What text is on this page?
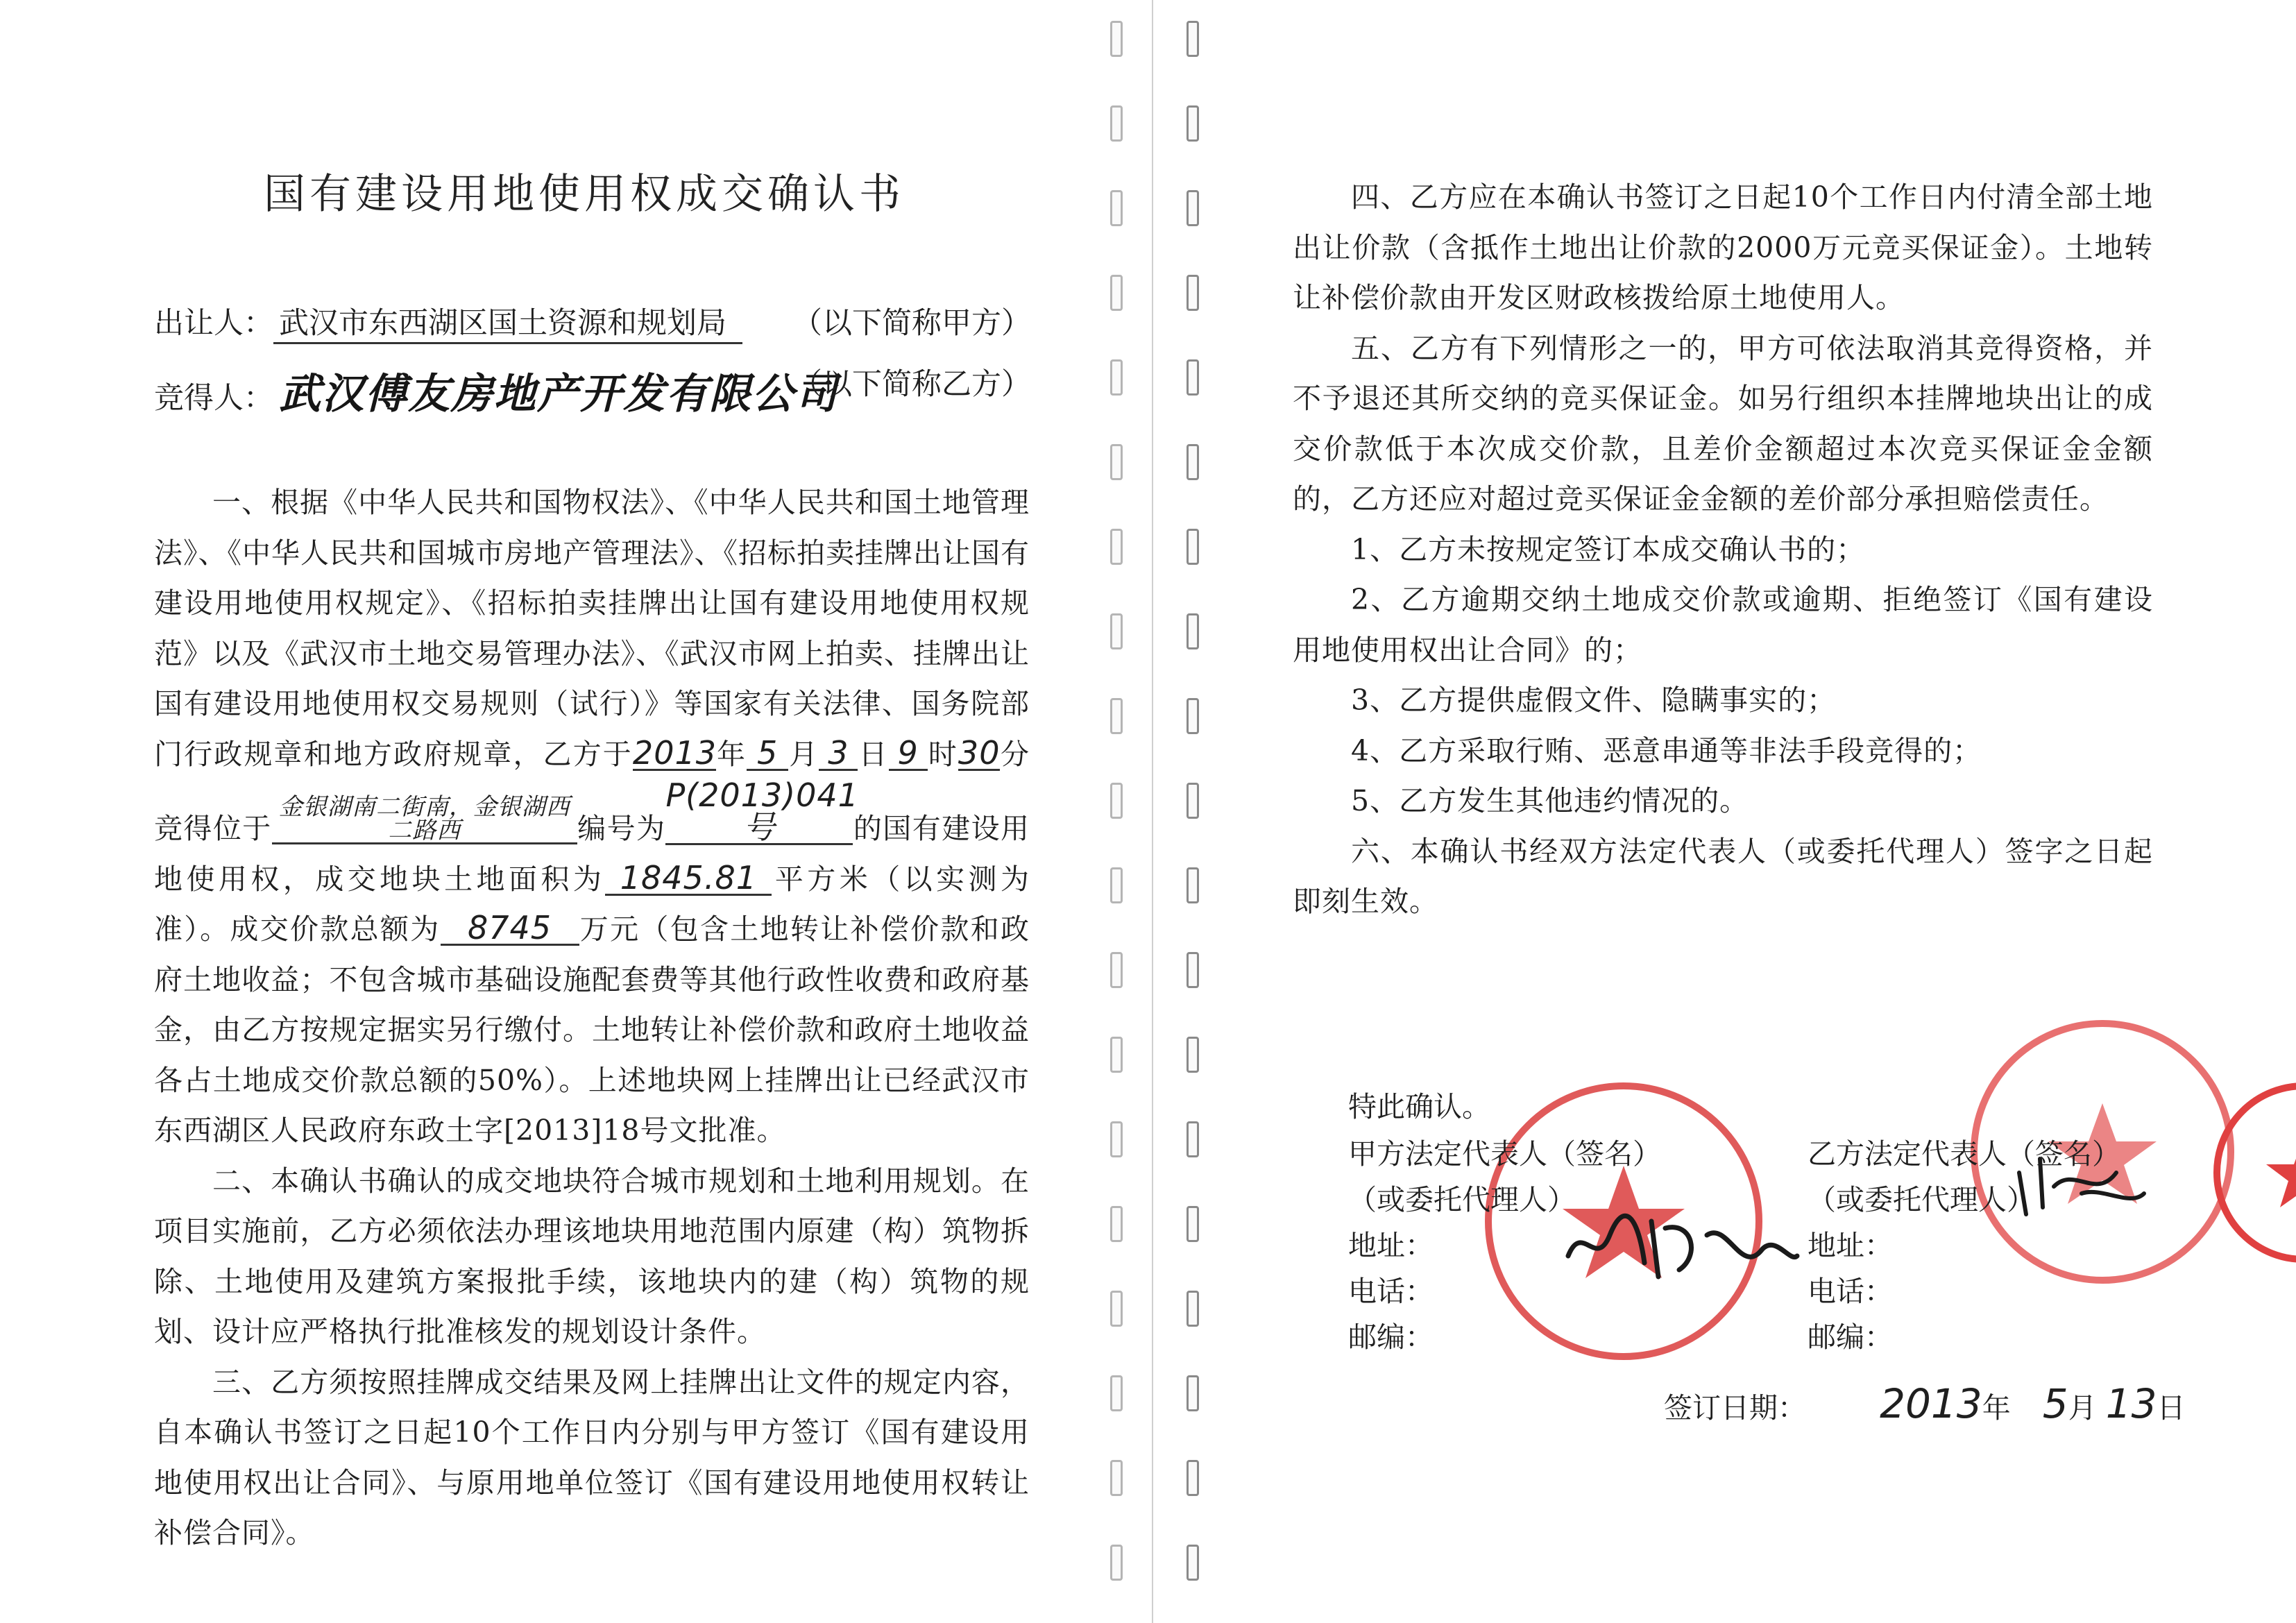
国有建设用地使用权成交确认书
出让人： 武汉市东西湖区国土资源和规划局 （以下简称甲方）
竞得人： 武汉傅友房地产开发有限公司
（以下简称乙方）

一、根据《中华人民共和国物权法》、《中华人民共和国土地管理法》、《中华人民共和国城市房地产管理法》、《招标拍卖挂牌出让国有建设用地使用权规定》、《招标拍卖挂牌出让国有建设用地使用权规范》以及《武汉市土地交易管理办法》、《武汉市网上拍卖、挂牌出让国有建设用地使用权交易规则（试行）》等国家有关法律、国务院部门行政规章和地方政府规章，乙方于2013年 5 月 3 日 9 时30分竞得位于金银湖南二街南，金银湖西二路西	编号为P(2013)041号	的国有建设用地使用权，成交地块土地面积为 1845.81 平方米（以实测为准）。成交价款总额为 8745 万元（包含土地转让补偿价款和政府土地收益；不包含城市基础设施配套费等其他行政性收费和政府基金，由乙方按规定据实另行缴付。土地转让补偿价款和政府土地收益各占土地成交价款总额的50%）。上述地块网上挂牌出让已经武汉市东西湖区人民政府东政土字[2013]18号文批准。

二、本确认书确认的成交地块符合城市规划和土地利用规划。在项目实施前，乙方必须依法办理该地块用地范围内原建（构）筑物拆除、土地使用及建筑方案报批手续，该地块内的建（构）筑物的规划、设计应严格执行批准核发的规划设计条件。

三、乙方须按照挂牌成交结果及网上挂牌出让文件的规定内容，自本确认书签订之日起10个工作日内分别与甲方签订《国有建设用地使用权出让合同》、与原用地单位签订《国有建设用地使用权转让补偿合同》。

四、乙方应在本确认书签订之日起10个工作日内付清全部土地出让价款（含抵作土地出让价款的2000万元竞买保证金）。土地转让补偿价款由开发区财政核拨给原土地使用人。

五、乙方有下列情形之一的，甲方可依法取消其竞得资格，并不予退还其所交纳的竞买保证金。如另行组织本挂牌地块出让的成交价款低于本次成交价款，且差价金额超过本次竞买保证金金额的，乙方还应对超过竞买保证金金额的差价部分承担赔偿责任。

1、乙方未按规定签订本成交确认书的；

2、乙方逾期交纳土地成交价款或逾期、拒绝签订《国有建设用地使用权出让合同》的；

3、乙方提供虚假文件、隐瞒事实的；

4、乙方采取行贿、恶意串通等非法手段竞得的；

5、乙方发生其他违约情况的。

六、本确认书经双方法定代表人（或委托代理人）签字之日起即刻生效。

特此确认。
甲方法定代表人（签名）
（或委托代理人）
地址：
电话：
邮编：
乙方法定代表人（签名）
（或委托代理人）
地址：
电话：
邮编：
签订日期： 2013年 5月 13日
